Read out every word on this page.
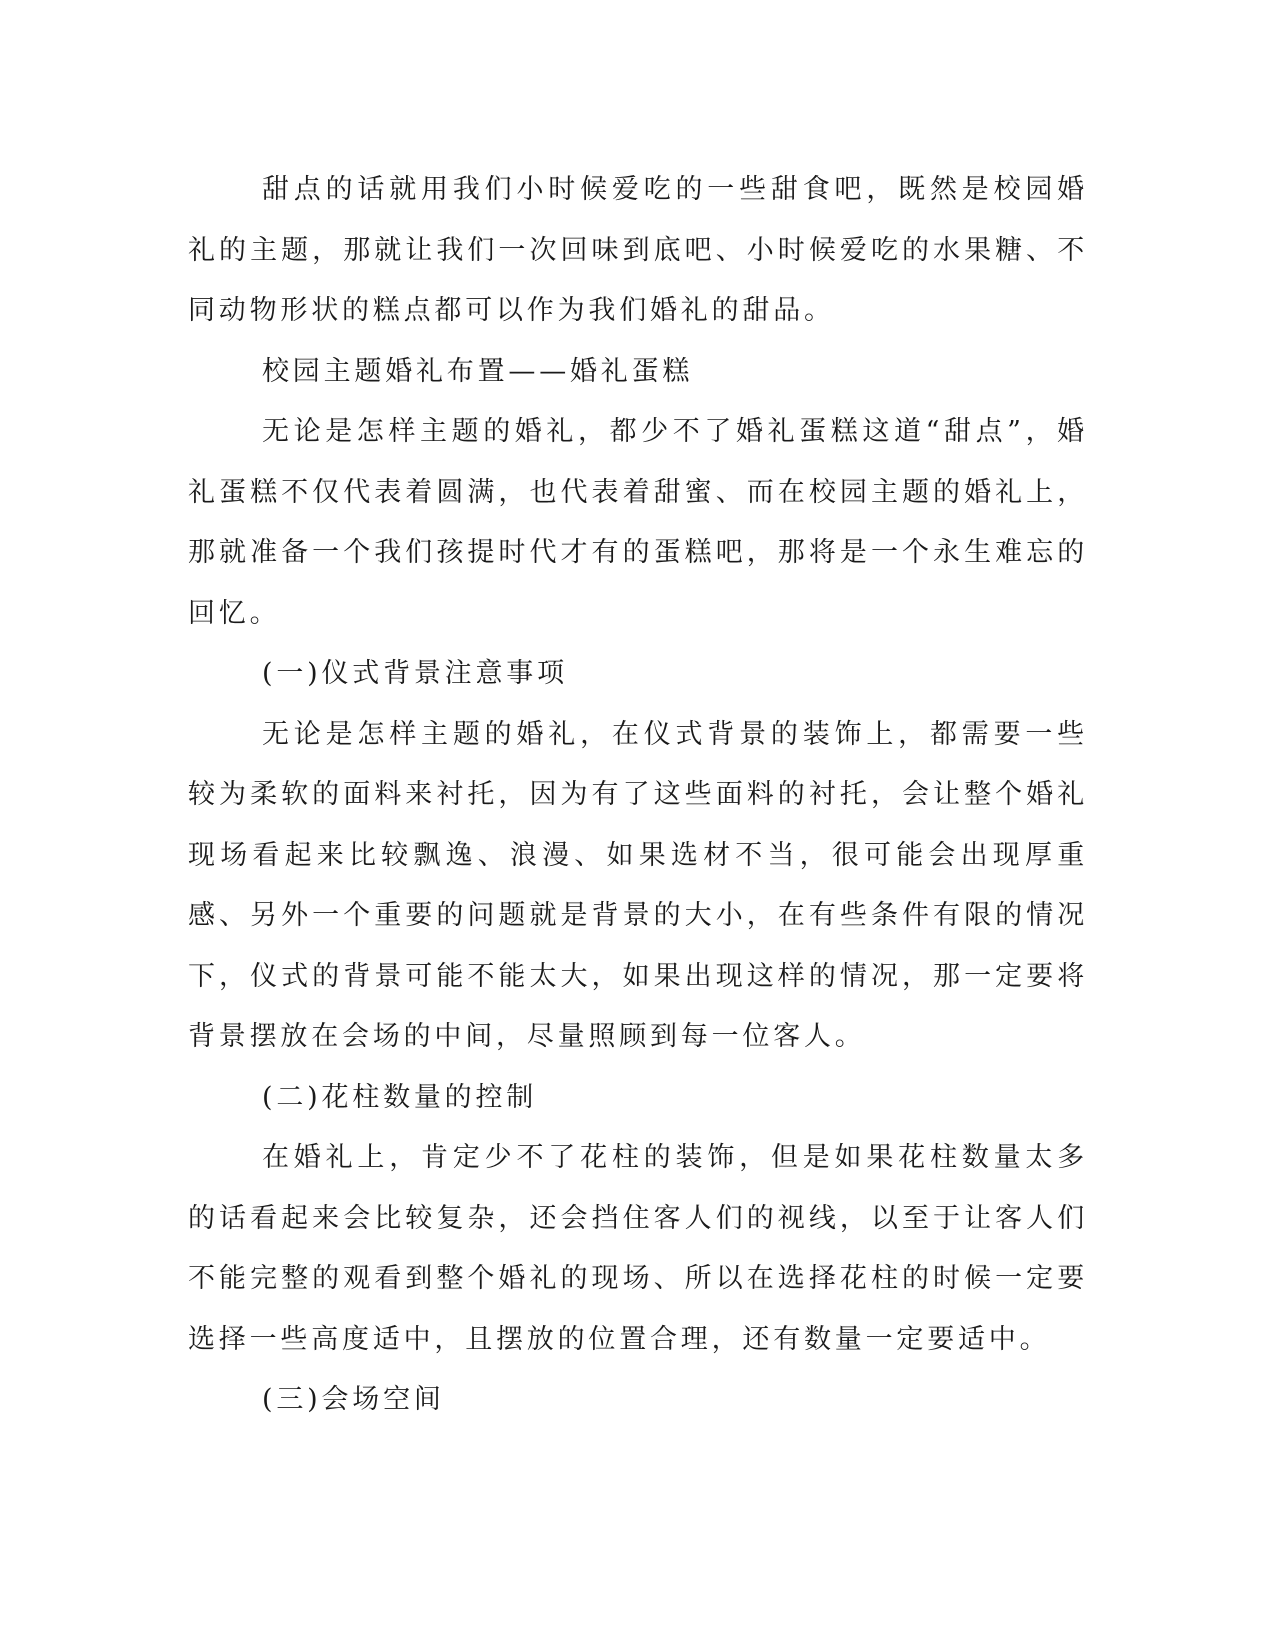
甜点的话就用我们小时候爱吃的一些甜食吧，既然是校园婚礼的主题，那就让我们一次回味到底吧、小时候爱吃的水果糖、不同动物形状的糕点都可以作为我们婚礼的甜品。

校园主题婚礼布置——婚礼蛋糕

无论是怎样主题的婚礼，都少不了婚礼蛋糕这道“甜点”，婚礼蛋糕不仅代表着圆满，也代表着甜蜜、而在校园主题的婚礼上，那就准备一个我们孩提时代才有的蛋糕吧，那将是一个永生难忘的回忆。

(一)仪式背景注意事项

无论是怎样主题的婚礼，在仪式背景的装饰上，都需要一些较为柔软的面料来衬托，因为有了这些面料的衬托，会让整个婚礼现场看起来比较飘逸、浪漫、如果选材不当，很可能会出现厚重感、另外一个重要的问题就是背景的大小，在有些条件有限的情况下，仪式的背景可能不能太大，如果出现这样的情况，那一定要将背景摆放在会场的中间，尽量照顾到每一位客人。

(二)花柱数量的控制

在婚礼上，肯定少不了花柱的装饰，但是如果花柱数量太多的话看起来会比较复杂，还会挡住客人们的视线，以至于让客人们不能完整的观看到整个婚礼的现场、所以在选择花柱的时候一定要选择一些高度适中，且摆放的位置合理，还有数量一定要适中。

(三)会场空间
